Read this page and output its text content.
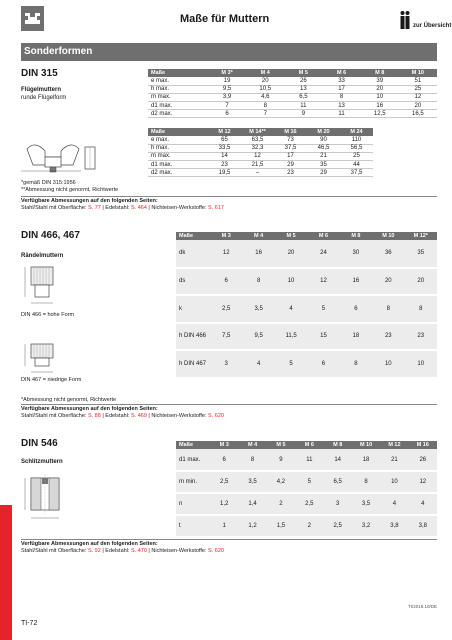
Maße für Muttern
zur Übersicht
Sonderformen
DIN 315
Flügelmuttern
runde Flügelform
*gemäß DIN 315:1956
**Abmessung nicht genormt, Richtwerte
Maße	M 3*	M 4	M 5	M 6	M 8	M 10
e max.	19	20	26	33	39	51
h max.	9,5	10,5	13	17	20	25
m max.	3,9	4,6	6,5	8	10	12
d1 max.	7	8	11	13	16	20
d2 max.	6	7	9	11	12,5	16,5
Maße	M 12	M 14**	M 16	M 20	M 24
e max.	65	63,5	73	90	110
h max.	33,5	32,3	37,5	46,5	56,5
m max.	14	12	17	21	25
d1 max.	23	21,5	29	35	44
d2 max.	19,5	–	23	29	37,5
Verfügbare Abmessungen auf den folgenden Seiten:
Stahl/Stahl mit Oberfläche: S. 77 | Edelstahl: S. 464 | Nichteisen-Werkstoffe: S. 617
DIN 466, 467
Rändelmuttern
DIN 466 = hohe Form
DIN 467 = niedrige Form
*Abmessung nicht genormt, Richtwerte
Maße	M 3	M 4	M 5	M 6	M 8	M 10	M 12*
dk	12	16	20	24	30	36	35
ds	6	8	10	12	16	20	20
k	2,5	3,5	4	5	6	8	8
h DIN 466	7,5	9,5	11,5	15	18	23	23
h DIN 467	3	4	5	6	8	10	10
Verfügbare Abmessungen auf den folgenden Seiten:
Stahl/Stahl mit Oberfläche: S. 88 | Edelstahl: S. 469 | Nichteisen-Werkstoffe: S. 620
DIN 546
Schlitzmuttern
Maße	M 3	M 4	M 5	M 6	M 8	M 10	M 12	M 16
d1 max.	6	8	9	11	14	18	21	26
m min.	2,5	3,5	4,2	5	6,5	8	10	12
n	1,2	1,4	2	2,5	3	3,5	4	4
t	1	1,2	1,5	2	2,5	3,2	3,8	3,8
Verfügbare Abmessungen auf den folgenden Seiten:
Stahl/Stahl mit Oberfläche: S. 92 | Edelstahl: S. 470 | Nichteisen-Werkstoffe: S. 620
TI/2019.10/DE
TI-72
